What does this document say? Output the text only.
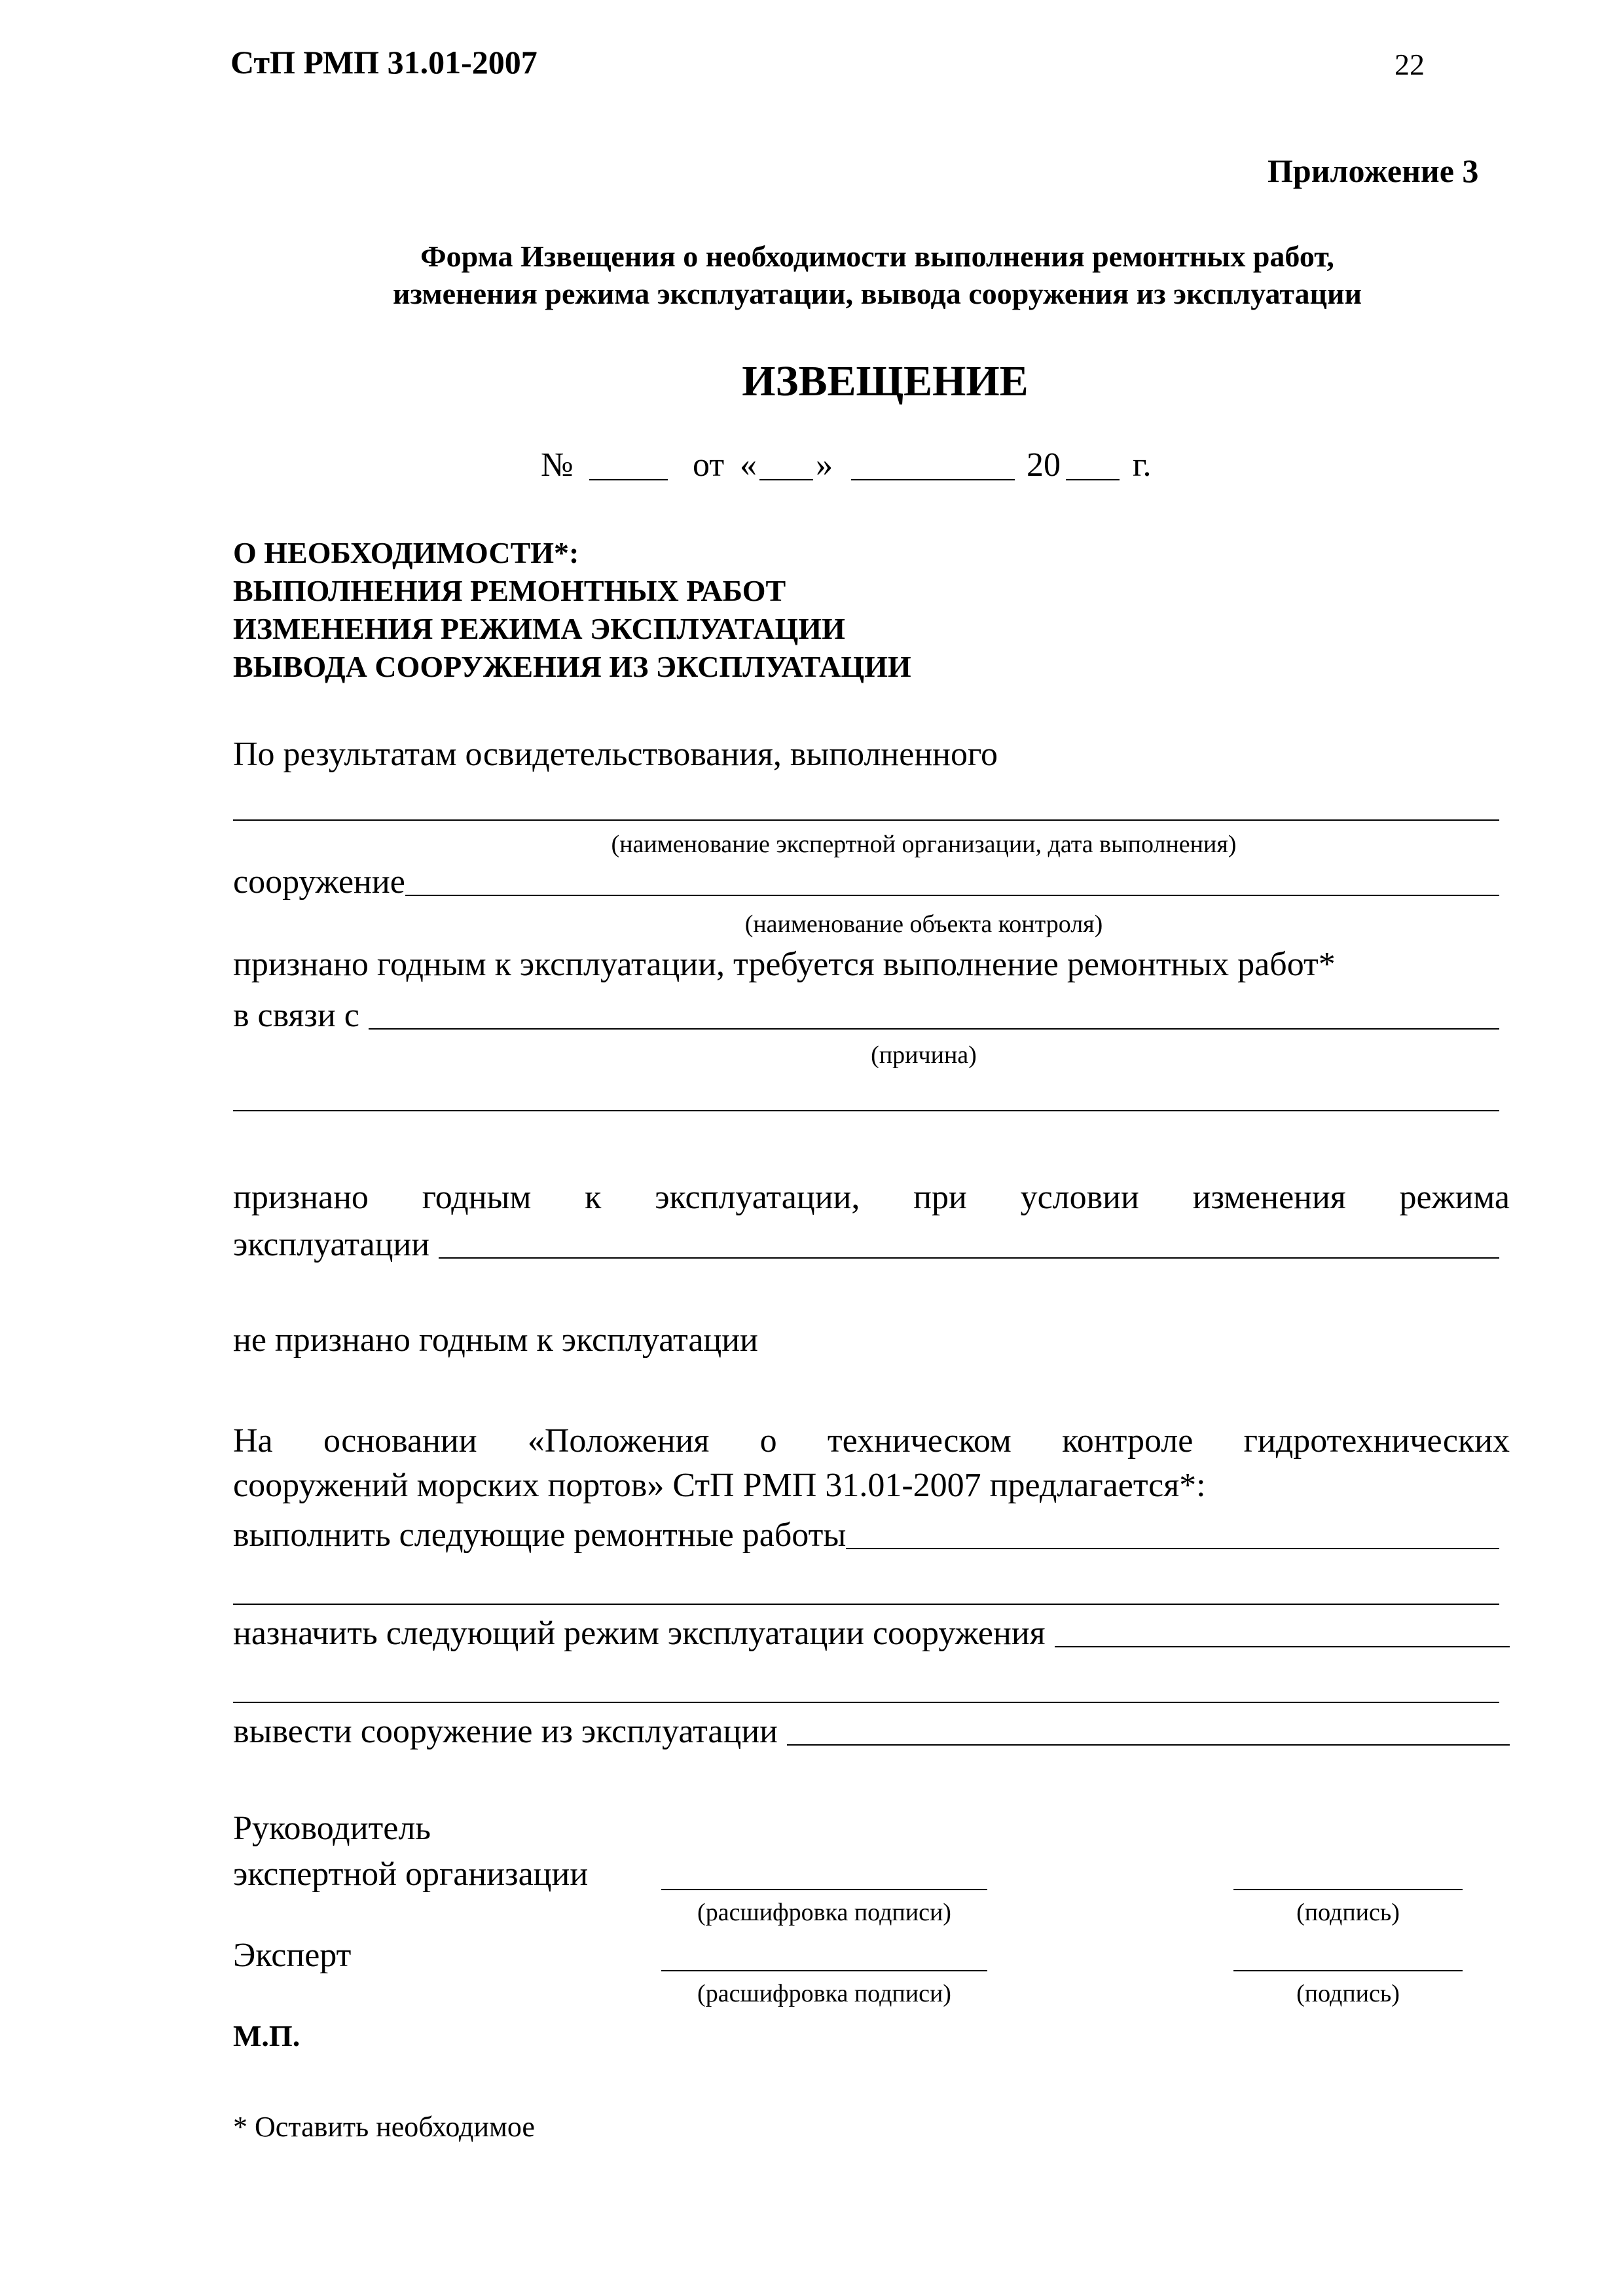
СтП РМП 31.01-2007	22
Приложение 3
Форма Извещения о необходимости выполнения ремонтных работ,
изменения режима эксплуатации, вывода сооружения из эксплуатации
ИЗВЕЩЕНИЕ
№	от « »	20 г.
О НЕОБХОДИМОСТИ*:
ВЫПОЛНЕНИЯ РЕМОНТНЫХ РАБОТ
ИЗМЕНЕНИЯ РЕЖИМА ЭКСПЛУАТАЦИИ
ВЫВОДА СООРУЖЕНИЯ ИЗ ЭКСПЛУАТАЦИИ
По результатам освидетельствования, выполненного
(наименование экспертной организации, дата выполнения)
сооружение
(наименование объекта контроля)
признано годным к эксплуатации, требуется выполнение ремонтных работ*
в связи с
(причина)
признано годным к эксплуатации, при условии изменения режима
эксплуатации
не признано годным к эксплуатации
На основании «Положения о техническом контроле гидротехнических
сооружений морских портов» СтП РМП 31.01-2007 предлагается*:
выполнить следующие ремонтные работы
назначить следующий режим эксплуатации сооружения
вывести сооружение из эксплуатации
Руководитель
экспертной организации
(расшифровка подписи)	(подпись)
Эксперт
(расшифровка подписи)	(подпись)
М.П.
* Оставить необходимое
